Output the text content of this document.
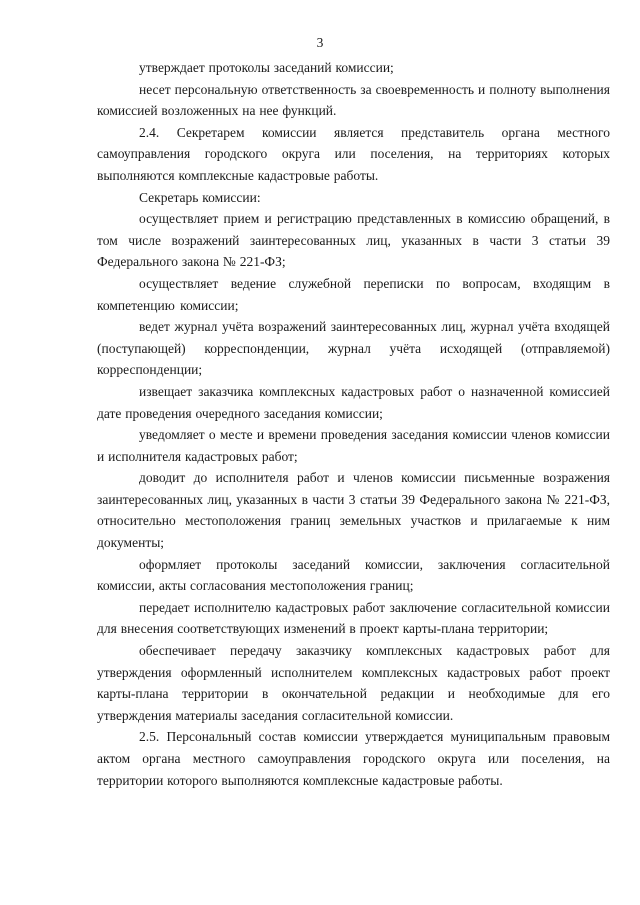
3

утверждает протоколы заседаний комиссии;

несет персональную ответственность за своевременность и полноту выполнения комиссией возложенных на нее функций.

2.4. Секретарем комиссии является представитель органа местного самоуправления городского округа или поселения, на территориях которых выполняются комплексные кадастровые работы.

Секретарь комиссии:

осуществляет прием и регистрацию представленных в комиссию обращений, в том числе возражений заинтересованных лиц, указанных в части 3 статьи 39 Федерального закона № 221-ФЗ;

осуществляет ведение служебной переписки по вопросам, входящим в компетенцию комиссии;

ведет журнал учёта возражений заинтересованных лиц, журнал учёта входящей (поступающей) корреспонденции, журнал учёта исходящей (отправляемой) корреспонденции;

извещает заказчика комплексных кадастровых работ о назначенной комиссией дате проведения очередного заседания комиссии;

уведомляет о месте и времени проведения заседания комиссии членов комиссии и исполнителя кадастровых работ;

доводит до исполнителя работ и членов комиссии письменные возражения заинтересованных лиц, указанных в части 3 статьи 39 Федерального закона № 221-ФЗ, относительно местоположения границ земельных участков и прилагаемые к ним документы;

оформляет протоколы заседаний комиссии, заключения согласительной комиссии, акты согласования местоположения границ;

передает исполнителю кадастровых работ заключение согласительной комиссии для внесения соответствующих изменений в проект карты-плана территории;

обеспечивает передачу заказчику комплексных кадастровых работ для утверждения оформленный исполнителем комплексных кадастровых работ проект карты-плана территории в окончательной редакции и необходимые для его утверждения материалы заседания согласительной комиссии.

2.5. Персональный состав комиссии утверждается муниципальным правовым актом органа местного самоуправления городского округа или поселения, на территории которого выполняются комплексные кадастровые работы.
